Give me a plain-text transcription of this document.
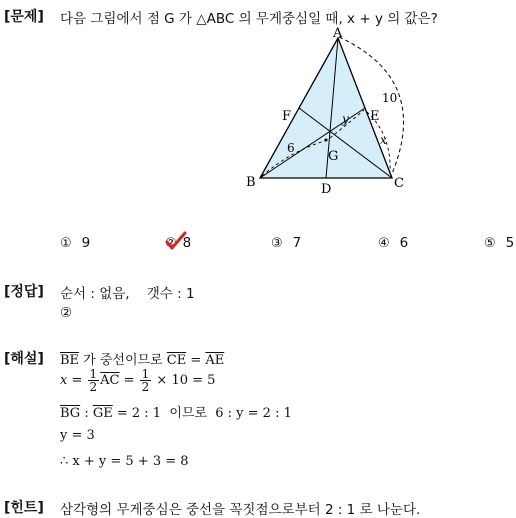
[문제] 다음 그림에서 점 G 가 △ABC 의 무게중심일 때, x + y 의 값은?
A
B	C
D
E
F
G
10
6
y
x
① 9	② 8	③ 7	④ 6	⑤ 5
[정답] 순서 : 없음,    갯수 : 1
②
[해설] $\overline{BE}$ 가 중선이므로 $\overline{CE} = \overline{AE}$
$x = \frac{1}{2} \overline{AC} = \frac{1}{2} \times 10 = 5$
$\overline{BG}$ : $\overline{GE} = 2$ : 1  이므로  6 : y = 2 : 1
y = 3
∴ x + y = 5 + 3 = 8
[힌트] 삼각형의 무게중심은 중선을 꼭짓점으로부터 2 : 1 로 나눈다.
